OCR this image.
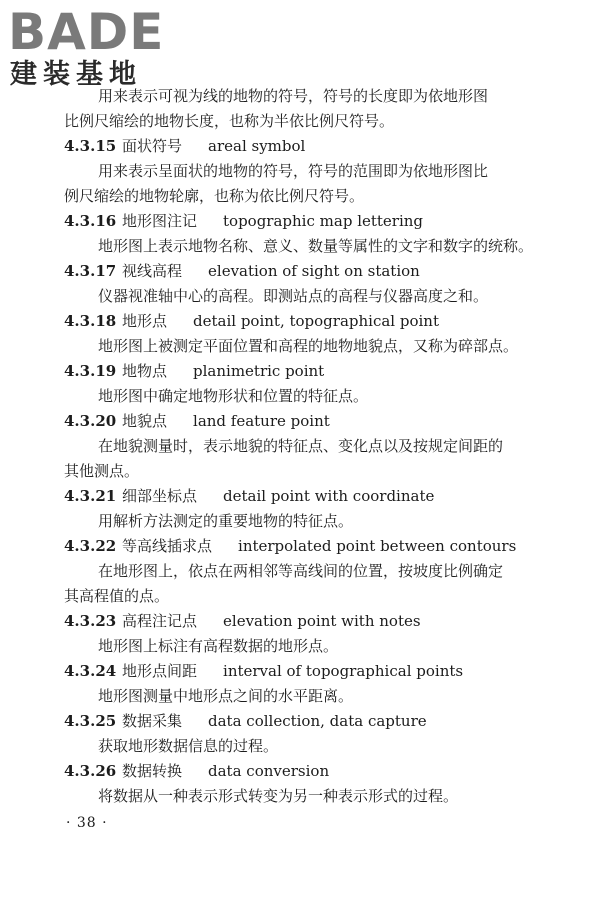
BADE
建装基地
用来表示可视为线的地物的符号，符号的长度即为依地形图
比例尺缩绘的地物长度，也称为半依比例尺符号。
4.3.15 面状符号 areal symbol
用来表示呈面状的地物的符号，符号的范围即为依地形图比
例尺缩绘的地物轮廓，也称为依比例尺符号。
4.3.16 地形图注记 topographic map lettering
地形图上表示地物名称、意义、数量等属性的文字和数字的统称。
4.3.17 视线高程 elevation of sight on station
仪器视准轴中心的高程。即测站点的高程与仪器高度之和。
4.3.18 地形点 detail point, topographical point
地形图上被测定平面位置和高程的地物地貌点，又称为碎部点。
4.3.19 地物点 planimetric point
地形图中确定地物形状和位置的特征点。
4.3.20 地貌点 land feature point
在地貌测量时，表示地貌的特征点、变化点以及按规定间距的
其他测点。
4.3.21 细部坐标点 detail point with coordinate
用解析方法测定的重要地物的特征点。
4.3.22 等高线插求点 interpolated point between contours
在地形图上，依点在两相邻等高线间的位置，按坡度比例确定
其高程值的点。
4.3.23 高程注记点 elevation point with notes
地形图上标注有高程数据的地形点。
4.3.24 地形点间距 interval of topographical points
地形图测量中地形点之间的水平距离。
4.3.25 数据采集 data collection, data capture
获取地形数据信息的过程。
4.3.26 数据转换 data conversion
将数据从一种表示形式转变为另一种表示形式的过程。
· 38 ·
